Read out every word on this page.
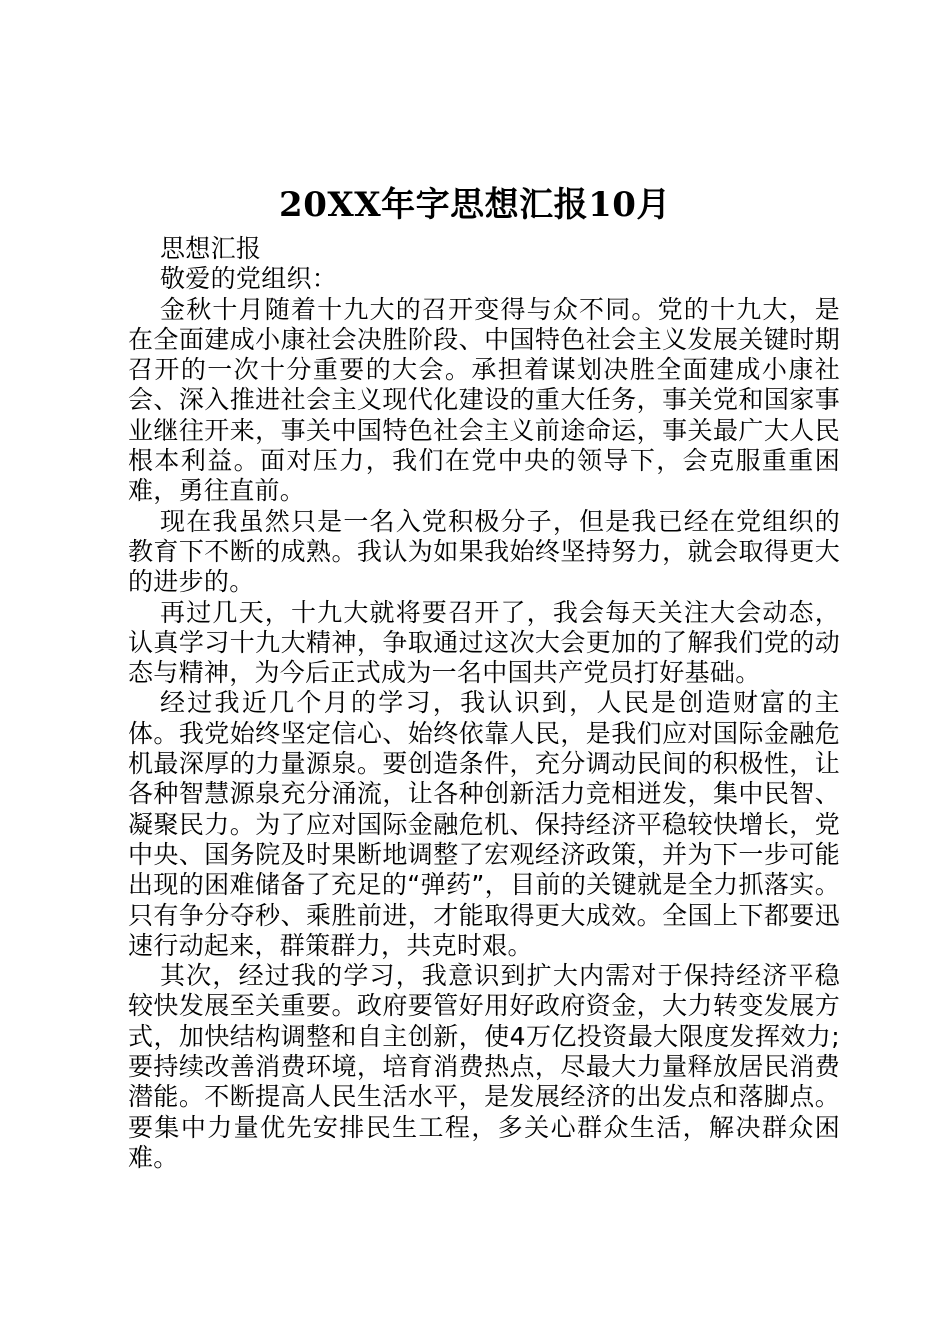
20XX年字思想汇报10月

思想汇报

敬爱的党组织：

金秋十月随着十九大的召开变得与众不同。党的十九大，是在全面建成小康社会决胜阶段、中国特色社会主义发展关键时期召开的一次十分重要的大会。承担着谋划决胜全面建成小康社会、深入推进社会主义现代化建设的重大任务，事关党和国家事业继往开来，事关中国特色社会主义前途命运，事关最广大人民根本利益。面对压力，我们在党中央的领导下，会克服重重困难，勇往直前。

现在我虽然只是一名入党积极分子，但是我已经在党组织的教育下不断的成熟。我认为如果我始终坚持努力，就会取得更大的进步的。

再过几天，十九大就将要召开了，我会每天关注大会动态，认真学习十九大精神，争取通过这次大会更加的了解我们党的动态与精神，为今后正式成为一名中国共产党员打好基础。

经过我近几个月的学习，我认识到，人民是创造财富的主体。我党始终坚定信心、始终依靠人民，是我们应对国际金融危机最深厚的力量源泉。要创造条件，充分调动民间的积极性，让各种智慧源泉充分涌流，让各种创新活力竞相迸发，集中民智、凝聚民力。为了应对国际金融危机、保持经济平稳较快增长，党中央、国务院及时果断地调整了宏观经济政策，并为下一步可能出现的困难储备了充足的“弹药”，目前的关键就是全力抓落实。只有争分夺秒、乘胜前进，才能取得更大成效。全国上下都要迅速行动起来，群策群力，共克时艰。

其次，经过我的学习，我意识到扩大内需对于保持经济平稳较快发展至关重要。政府要管好用好政府资金，大力转变发展方式，加快结构调整和自主创新，使4万亿投资最大限度发挥效力;要持续改善消费环境，培育消费热点，尽最大力量释放居民消费潜能。不断提高人民生活水平，是发展经济的出发点和落脚点。要集中力量优先安排民生工程，多关心群众生活，解决群众困难。
